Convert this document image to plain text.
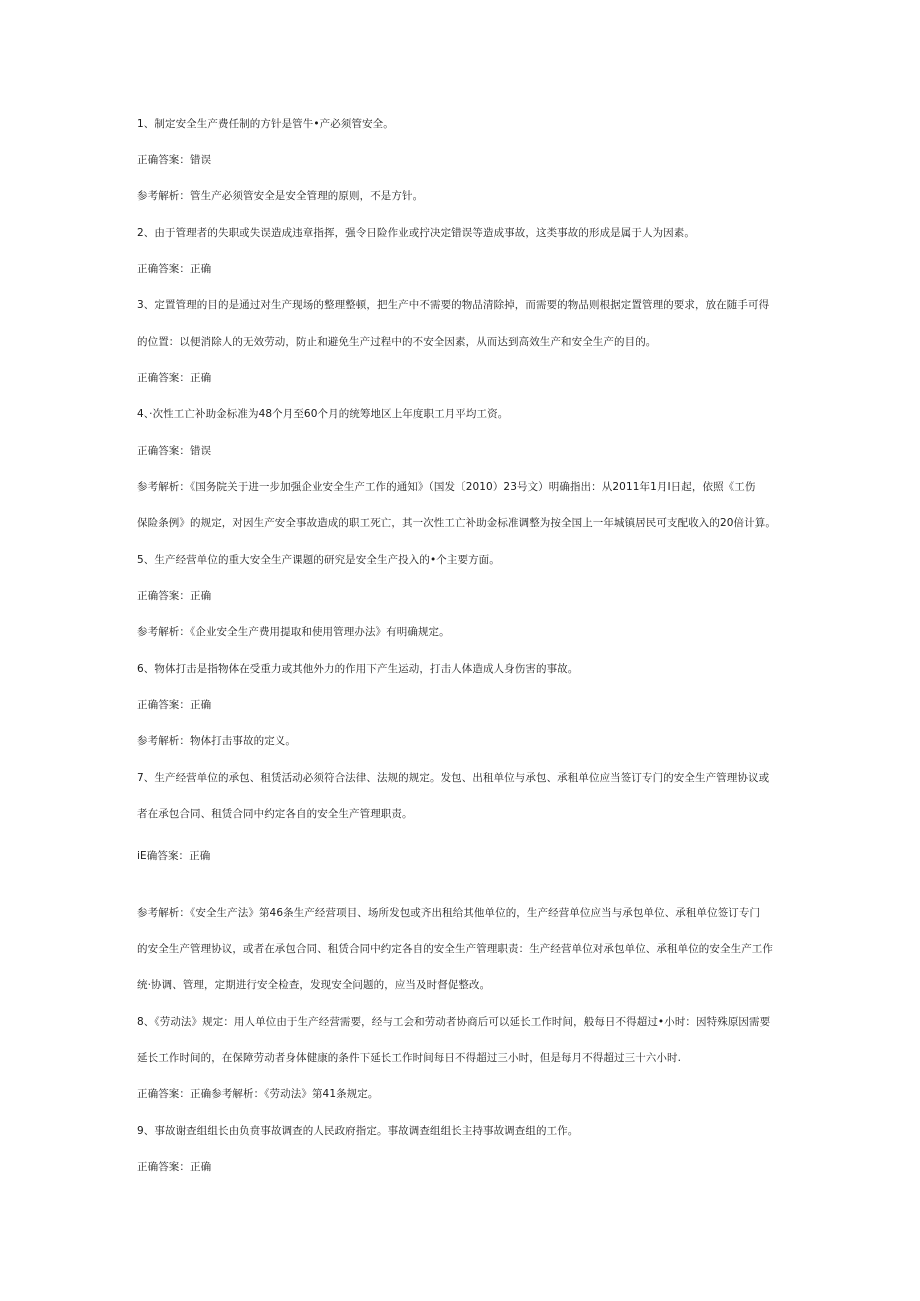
1、制定安全生产费任制的方针是管牛•产必须管安全。
正确答案：错误
参考解析：管生产必须管安全是安全管理的原则，不是方针。
2、由于管理者的失职或失误造成违章指挥，强令日险作业或拧决定错误等造成事故，这类事故的形成是属于人为因素。
正确答案：正确
3、定置管理的目的是通过对生产现场的整理整顿，把生产中不需要的物品清除掉，而需要的物品则根据定置管理的要求，放在随手可得
的位置：以便消除人的无效劳动，防止和避免生产过程中的不安全因素，从而达到高效生产和安全生产的目的。
正确答案：正确
4、·次性工亡补助金标准为48个月至60个月的统筹地区上年度职工月平均工资。
正确答案：错误
参考解析：《国务院关于进一步加强企业安全生产工作的通知》（国发〔2010）23号文）明确指出：从2011年1月I日起，依照《工伤
保险条例》的规定，对因生产安全事故造成的职工死亡，其一次性工亡补助金标准调整为按全国上一年城镇居民可支配收入的20倍计算。
5、生产经营单位的重大安全生产课题的研究是安全生产投入的•个主要方面。
正确答案：正确
参考解析：《企业安全生产费用提取和使用管理办法》有明确规定。
6、物体打击是指物体在受重力或其他外力的作用下产生运动，打击人体造成人身伤害的事故。
正确答案：正确
参考解析：物体打击事故的定义。
7、生产经营单位的承包、租赁活动必须符合法律、法规的规定。发包、出租单位与承包、承租单位应当签订专门的安全生产管理协议或
者在承包合同、租赁合同中约定各自的安全生产管理职责。
iE确答案：正确
参考解析：《安全生产法》第46条生产经营项目、场所发包或齐出租给其他单位的，生产经营单位应当与承包单位、承租单位签订专门
的安全生产管理协议，或者在承包合同、租赁合同中约定各自的安全生产管理职责：生产经营单位对承包单位、承租单位的安全生产工作
统·协调、管理，定期进行安全检查，发现安全问题的，应当及时督促整改。
8、《劳动法》规定：用人单位由于生产经营需要，经与工会和劳动者协商后可以延长工作时间，般每日不得超过•小时：因特殊原因需要
延长工作时间的，在保障劳动者身体健康的条件下延长工作时间每日不得超过三小时，但是每月不得超过三十六小时.
正确答案：正确参考解析：《劳动法》第41条规定。
9、事故谢查组组长由负贲事故调查的人民政府指定。事故调查组组长主持事故调查组的工作。
正确答案：正确
